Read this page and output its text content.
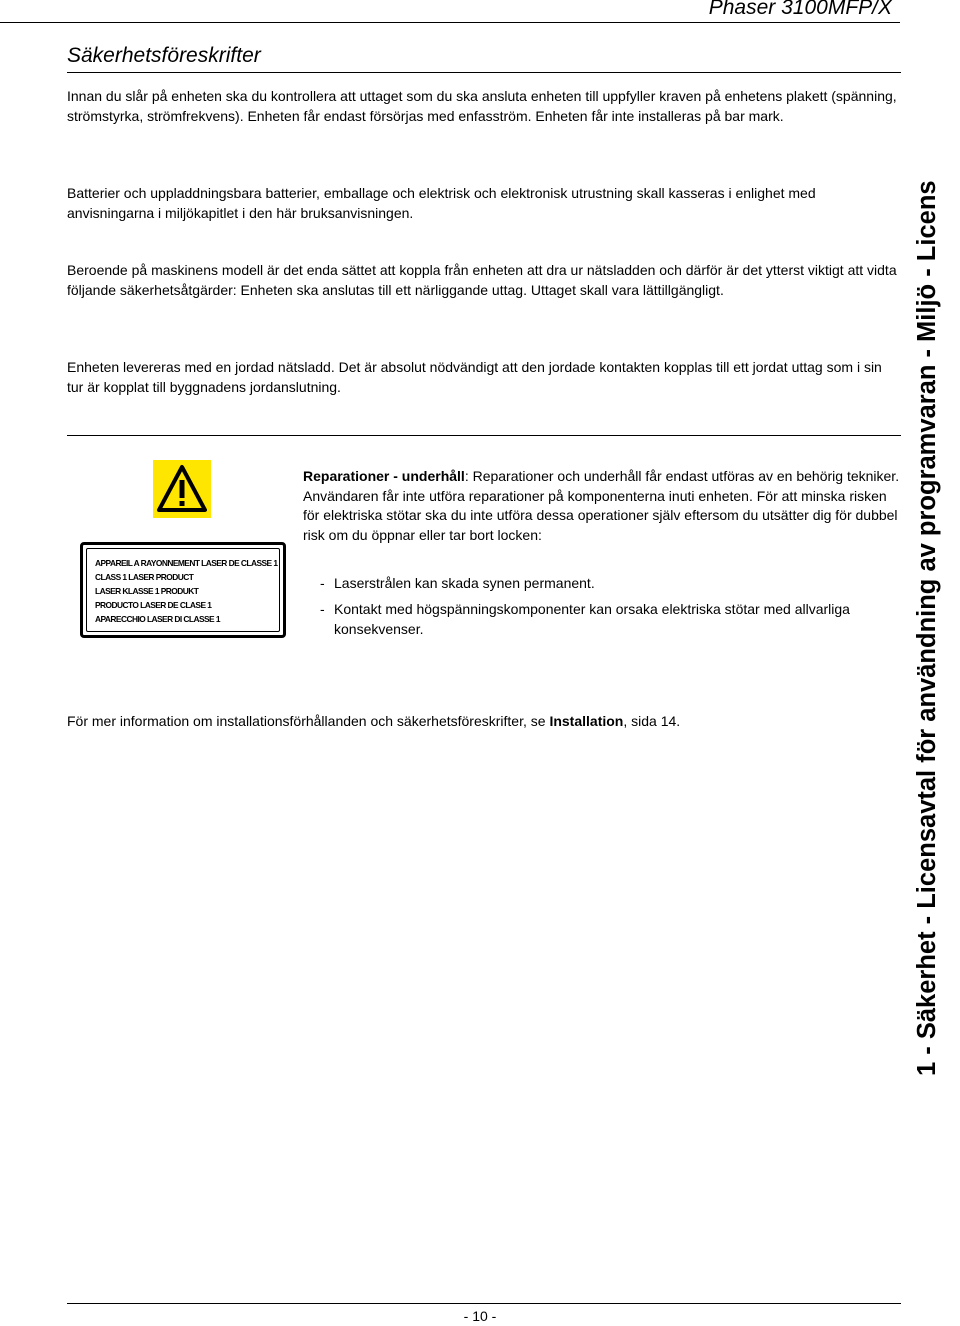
Phaser 3100MFP/X
Säkerhetsföreskrifter
Innan du slår på enheten ska du kontrollera att uttaget som du ska ansluta enheten till uppfyller kraven på enhetens plakett (spänning, strömstyrka, strömfrekvens). Enheten får endast försörjas med enfasström. Enheten får inte installeras på bar mark.
Batterier och uppladdningsbara batterier, emballage och elektrisk och elektronisk utrustning skall kasseras i enlighet med anvisningarna i miljökapitlet i den här bruksanvisningen.
Beroende på maskinens modell är det enda sättet att koppla från enheten att dra ur nätsladden och därför är det ytterst viktigt att vidta följande säkerhetsåtgärder: Enheten ska anslutas till ett närliggande uttag. Uttaget skall vara lättillgängligt.
Enheten levereras med en jordad nätsladd. Det är absolut nödvändigt att den jordade kontakten kopplas till ett jordat uttag som i sin tur är kopplat till byggnadens jordanslutning.
APPAREIL A RAYONNEMENT LASER DE CLASSE 1
CLASS 1 LASER PRODUCT
LASER KLASSE 1 PRODUKT
PRODUCTO LASER DE CLASE 1
APARECCHIO LASER DI CLASSE 1
Reparationer - underhåll: Reparationer och underhåll får endast utföras av en behörig tekniker. Användaren får inte utföra reparationer på komponenterna inuti enheten. För att minska risken för elektriska stötar ska du inte utföra dessa operationer själv eftersom du utsätter dig för dubbel risk om du öppnar eller tar bort locken:
- Laserstrålen kan skada synen permanent.
- Kontakt med högspänningskomponenter kan orsaka elektriska stötar med allvarliga konsekvenser.
För mer information om installationsförhållanden och säkerhetsföreskrifter, se Installation, sida 14.	1 - Säkerhet - Licensavtal för användning av programvaran - Miljö - Licens
- 10 -
